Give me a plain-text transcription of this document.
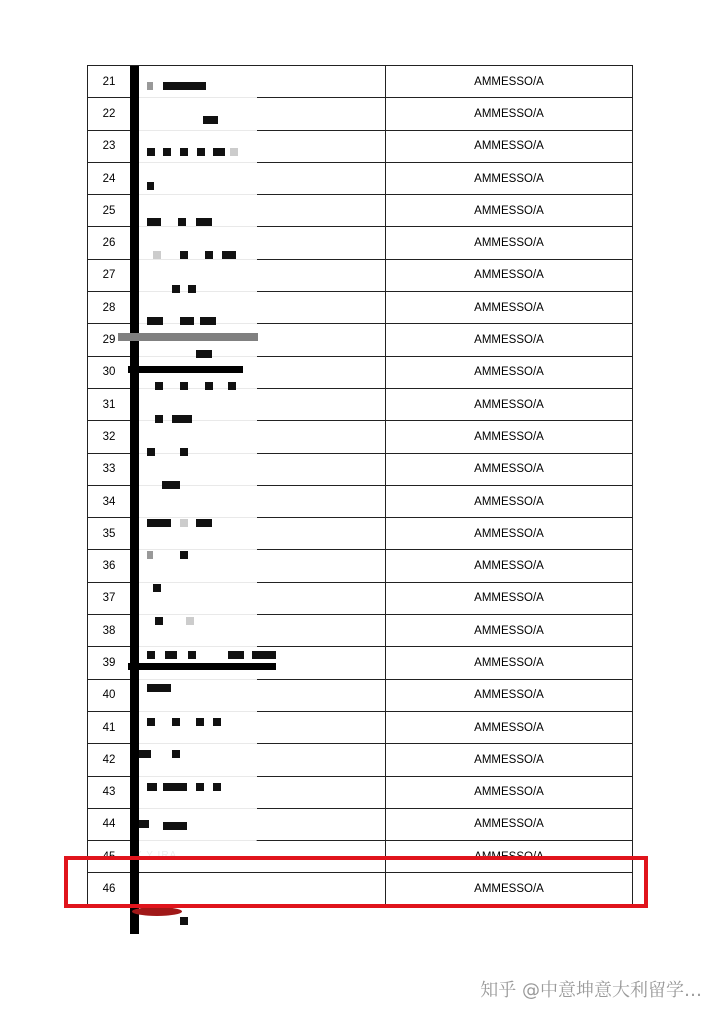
21		AMMESSO/A
22		AMMESSO/A
23		AMMESSO/A
24		AMMESSO/A
25		AMMESSO/A
26		AMMESSO/A
27		AMMESSO/A
28		AMMESSO/A
29		AMMESSO/A
30		AMMESSO/A
31		AMMESSO/A
32		AMMESSO/A
33		AMMESSO/A
34		AMMESSO/A
35		AMMESSO/A
36		AMMESSO/A
37		AMMESSO/A
38		AMMESSO/A
39		AMMESSO/A
40		AMMESSO/A
41		AMMESSO/A
42		AMMESSO/A
43		AMMESSO/A
44		AMMESSO/A
45		AMMESSO/A
46		AMMESSO/A
知乎 @中意坤意大利留学…
